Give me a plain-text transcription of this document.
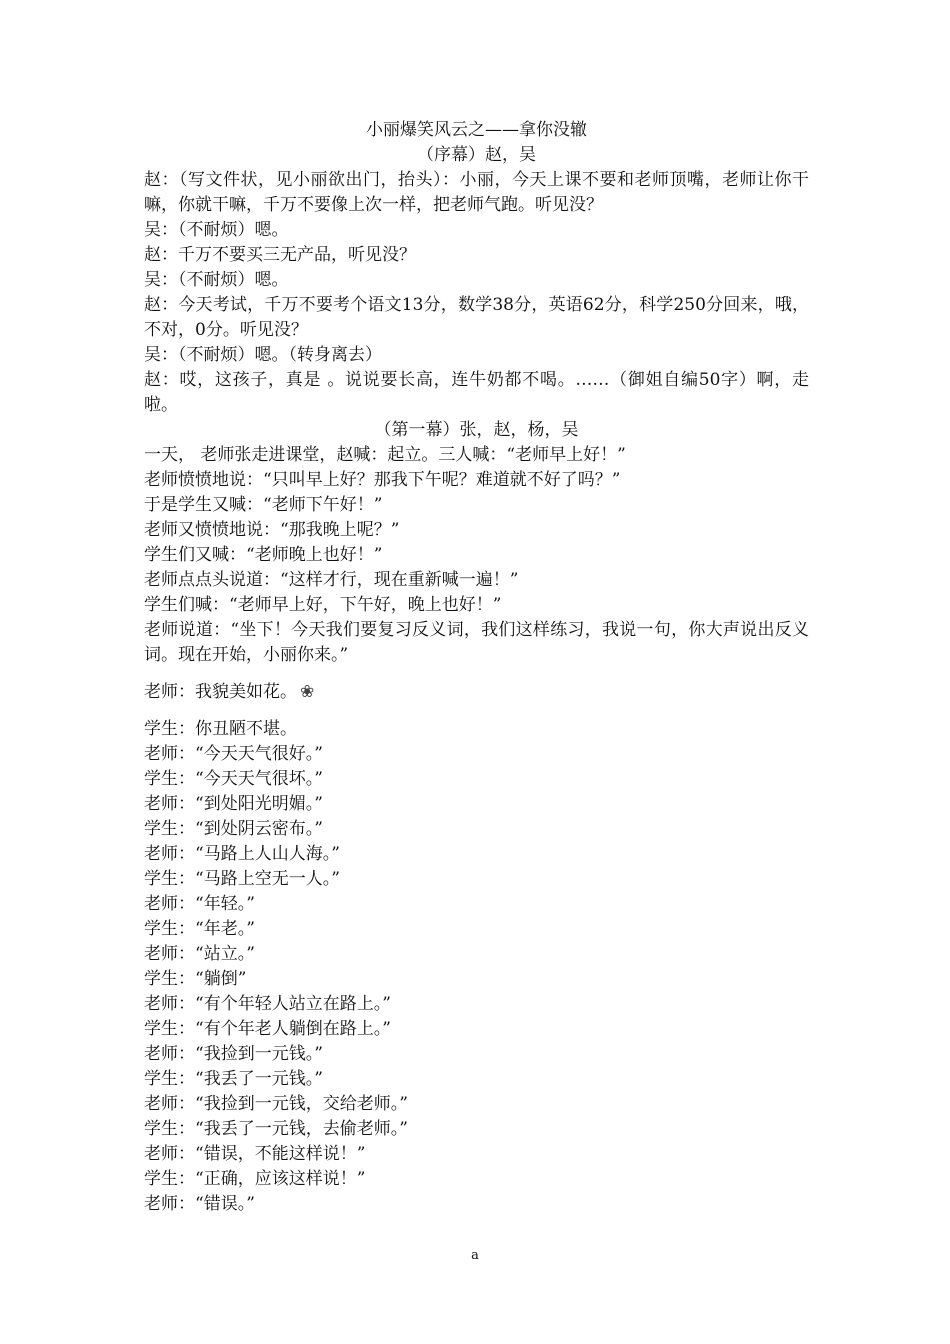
小丽爆笑风云之——拿你没辙

（序幕）赵，吴

赵：（写文件状，见小丽欲出门，抬头）：小丽，今天上课不要和老师顶嘴，老师让你干嘛，你就干嘛，千万不要像上次一样，把老师气跑。听见没？

吴：（不耐烦）嗯。

赵：千万不要买三无产品，听见没？

吴：（不耐烦）嗯。

赵：今天考试，千万不要考个语文13分，数学38分，英语62分，科学250分回来，哦，不对，0分。听见没？

吴：（不耐烦）嗯。（转身离去）

赵：哎，这孩子，真是 。说说要长高，连牛奶都不喝。……（御姐自编50字）啊，走啦。

（第一幕）张，赵，杨，吴

一天， 老师张走进课堂，赵喊：起立。三人喊：“老师早上好！”

老师愤愤地说：“只叫早上好？那我下午呢？难道就不好了吗？”

于是学生又喊：“老师下午好！”

老师又愤愤地说：“那我晚上呢？”

学生们又喊：“老师晚上也好！”

老师点点头说道：“这样才行，现在重新喊一遍！”

学生们喊：“老师早上好，下午好，晚上也好！”

老师说道：“坐下！今天我们要复习反义词，我们这样练习，我说一句，你大声说出反义词。现在开始，小丽你来。”

老师：我貌美如花。 ❀

学生：你丑陋不堪。

老师：“今天天气很好。”

学生：“今天天气很坏。”

老师：“到处阳光明媚。”

学生：“到处阴云密布。”

老师：“马路上人山人海。”

学生：“马路上空无一人。”

老师：“年轻。”

学生：“年老。”

老师：“站立。”

学生：“躺倒”

老师：“有个年轻人站立在路上。”

学生：“有个年老人躺倒在路上。”

老师：“我捡到一元钱。”

学生：“我丢了一元钱。”

老师：“我捡到一元钱，交给老师。”

学生：“我丢了一元钱，去偷老师。”

老师：“错误，不能这样说！”

学生：“正确，应该这样说！”

老师：“错误。”

a
